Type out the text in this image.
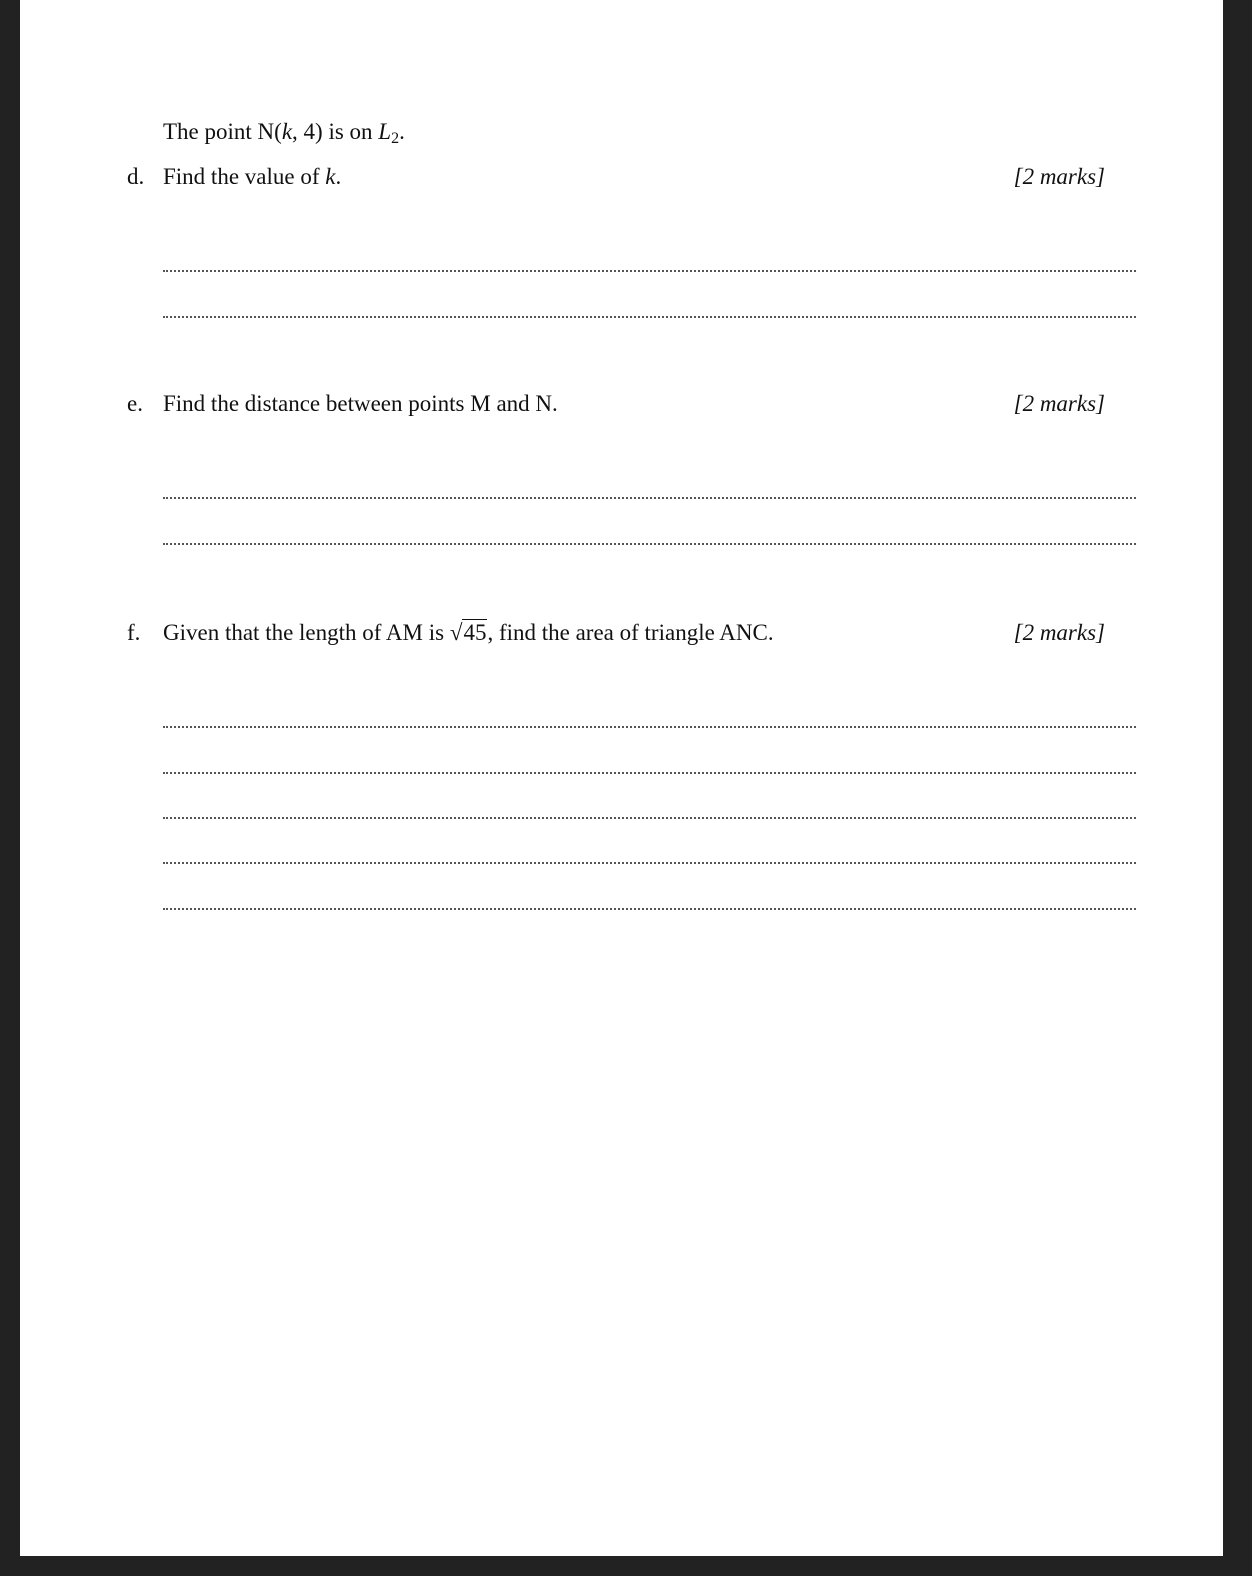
The point N(k, 4) is on $L_2$.
d. Find the value of k.	[2 marks]
e. Find the distance between points M and N.	[2 marks]
f. Given that the length of AM is √45, find the area of triangle ANC.	[2 marks]
